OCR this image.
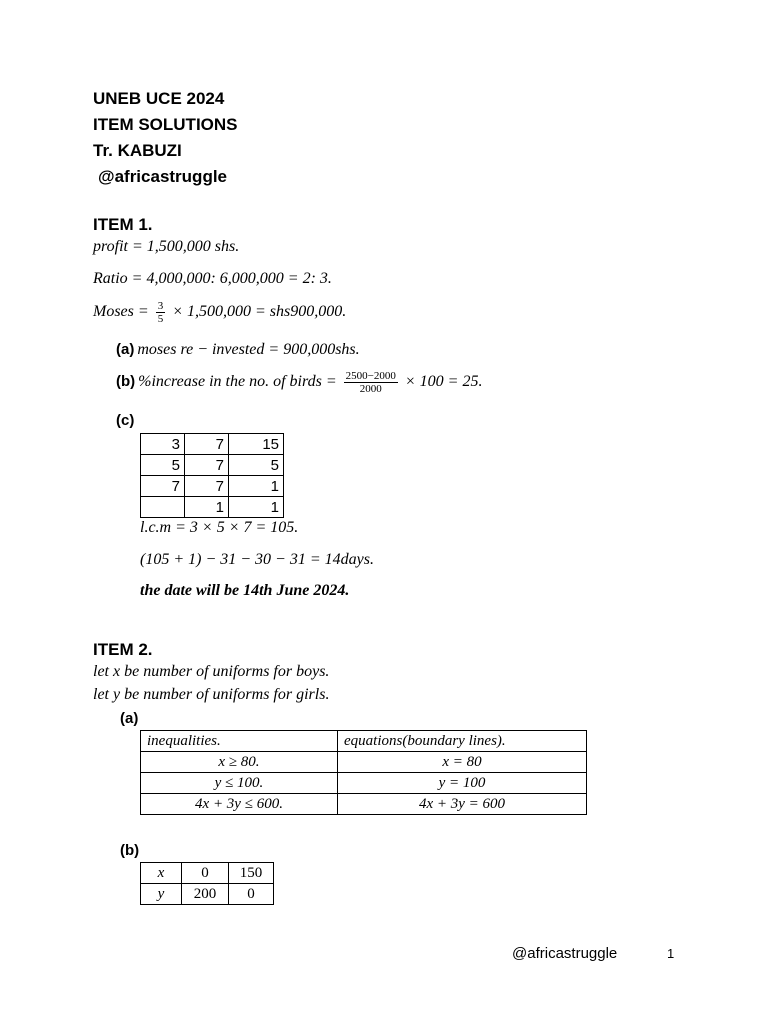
UNEB UCE 2024
ITEM SOLUTIONS
Tr. KABUZI
@africastruggle
ITEM 1.
profit = 1,500,000 shs.
Ratio = 4,000,000: 6,000,000 = 2: 3.
Moses = $\frac{3}{5} \times 1,500,000 = shs900,000$.
(a) moses re − invested = 900,000shs.
(b) %increase in the no. of birds = $\frac{2500-2000}{2000} \times 100 = 25$.
(c)
3	7	15
5	7	5
7	7	1
	1	1
l.c.m = 3 × 5 × 7 = 105.
(105 + 1) − 31 − 30 − 31 = 14days.
the date will be 14th June 2024.
ITEM 2.
let x be number of uniforms for boys.
let y be number of uniforms for girls.
(a)
inequalities.	equations(boundary lines).
x ≥ 80.	x = 80
y ≤ 100.	y = 100
4x + 3y ≤ 600.	4x + 3y = 600
(b)
x	0	150
y	200	0
@africastruggle	1
